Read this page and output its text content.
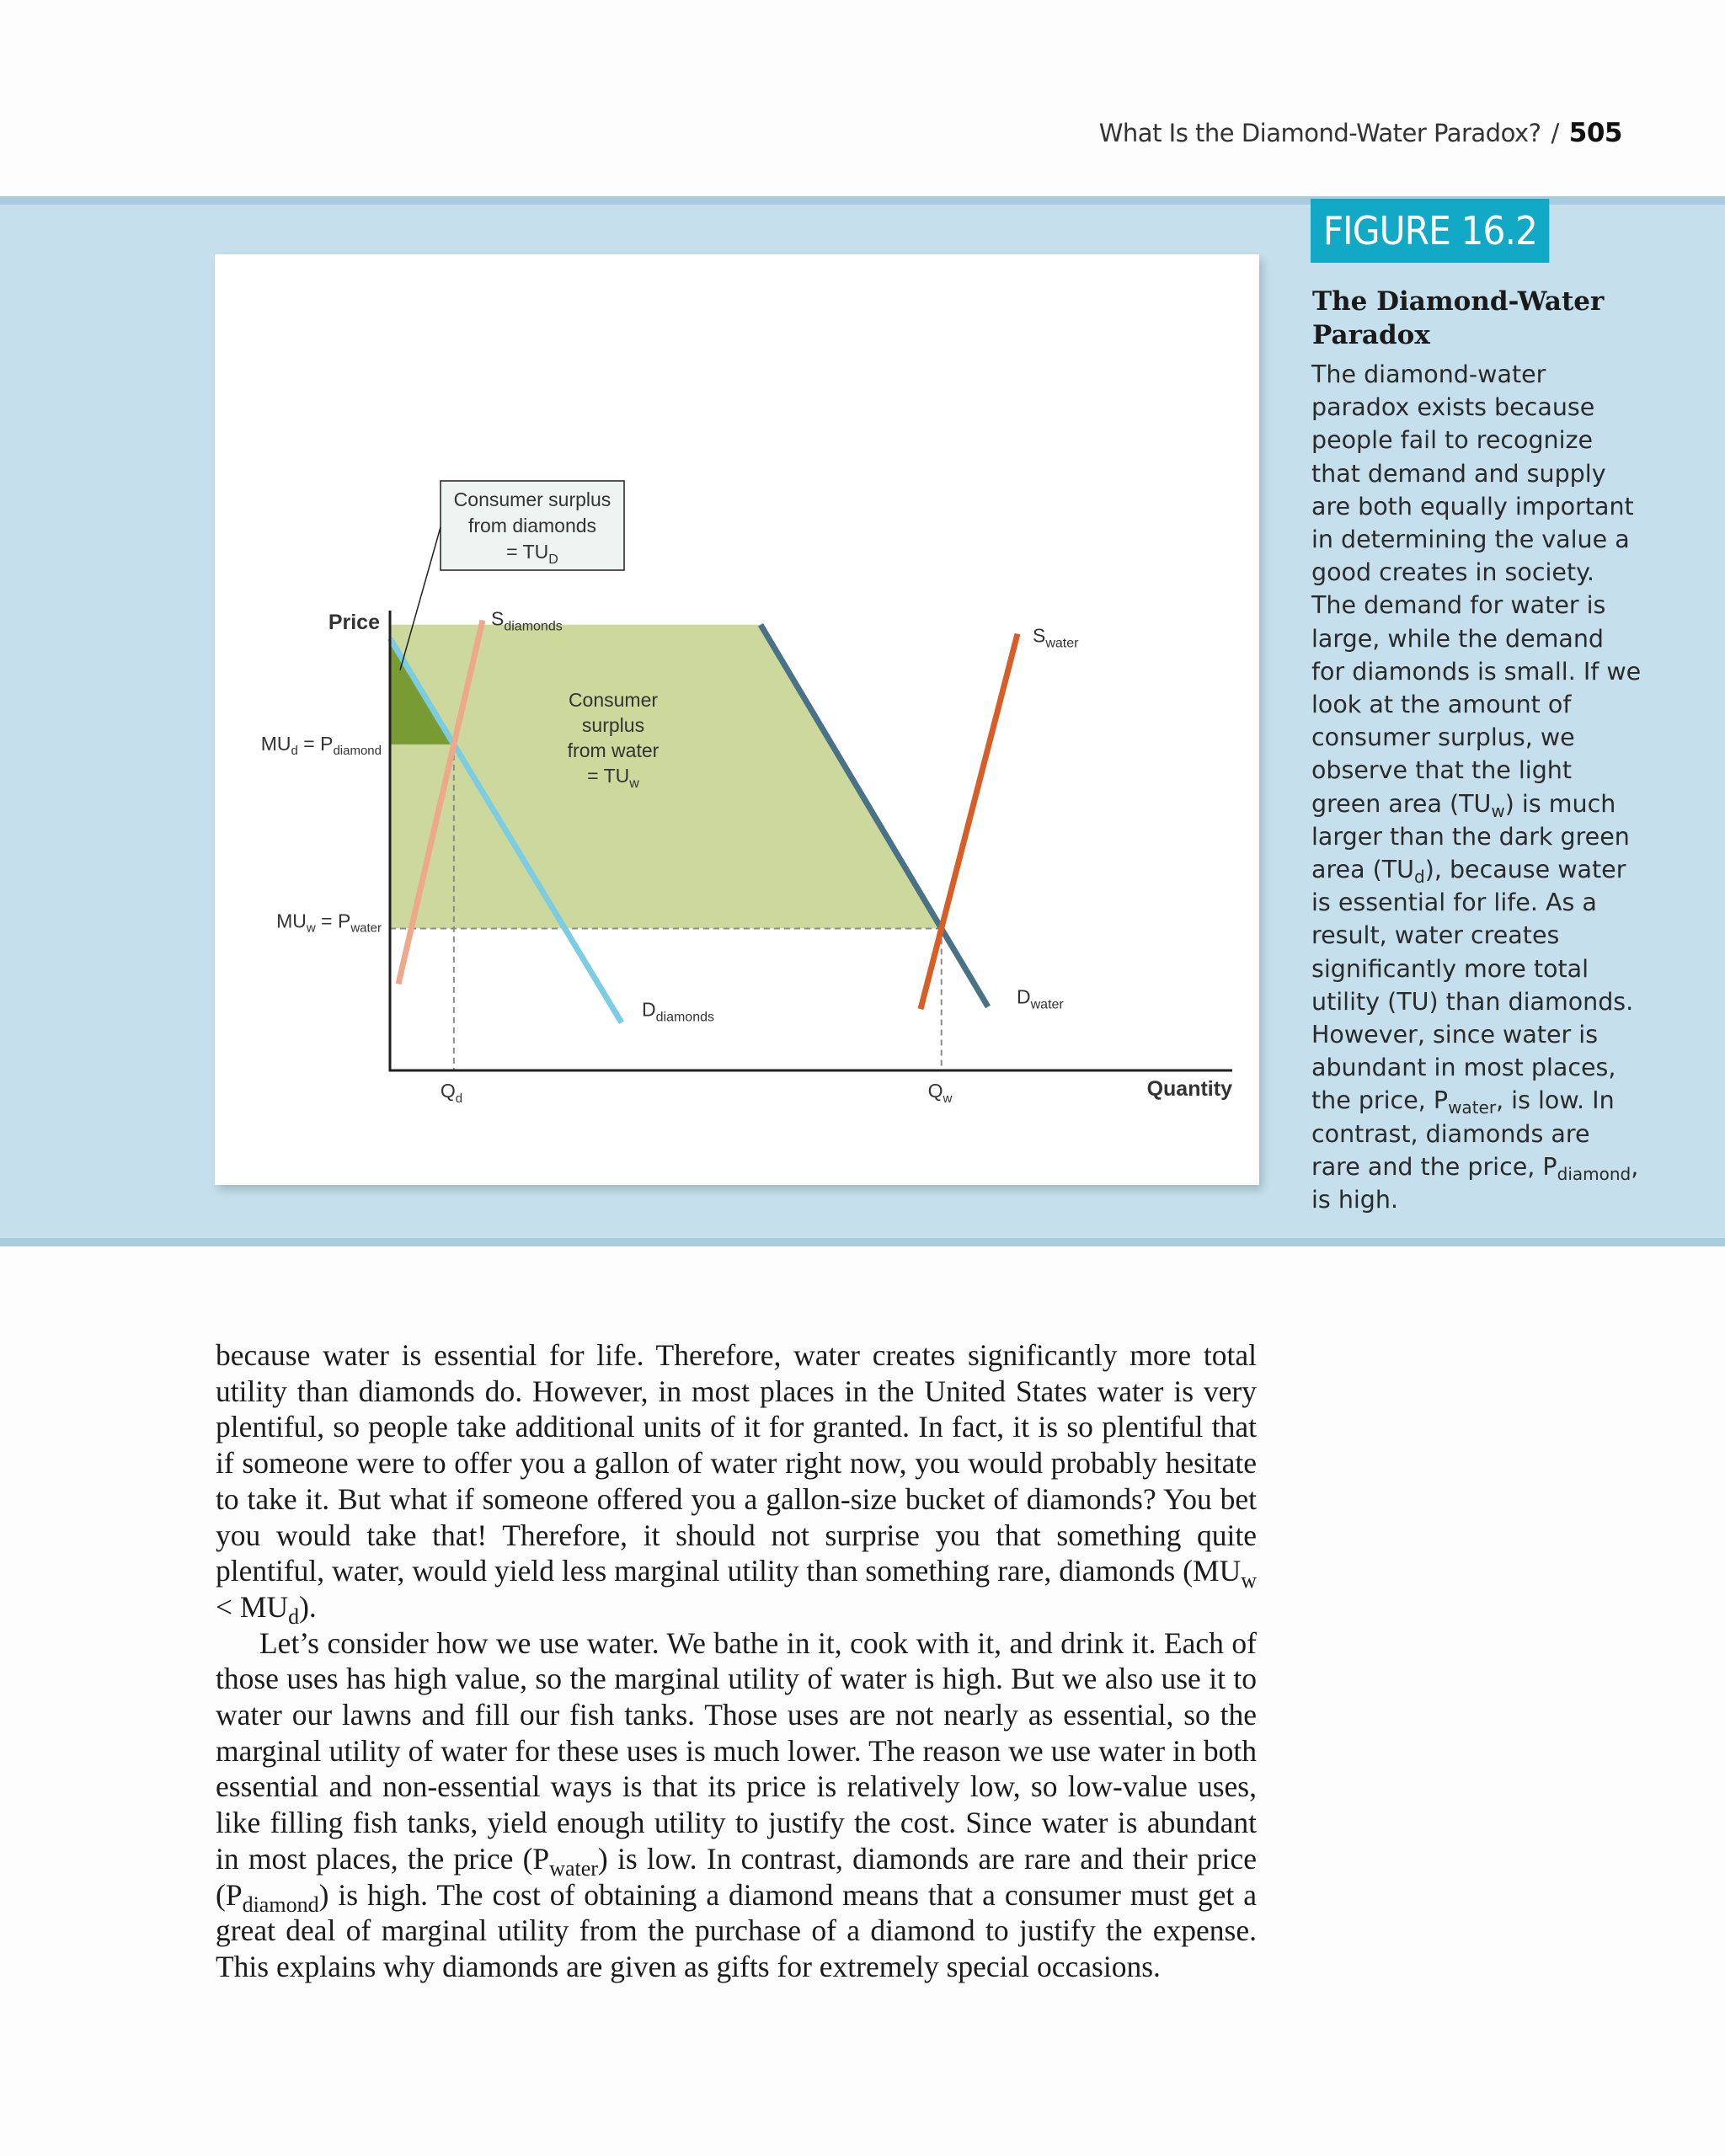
What Is the Diamond-Water Paradox? / 505
Price
Quantity
$Q_d$	$Q_w$
$MU_d = P_{diamond}$
$MU_w = P_{water}$
$D_{diamonds}$
$S_{diamonds}$
$D_{water}$
$S_{water}$
Consumer
surplus
from water
= $TU_w$
Consumer surplus
from diamonds
= $TU_D$
FIGURE 16.2
The Diamond-Water Paradox
The diamond-water paradox exists because people fail to recognize that demand and supply are both equally important in determining the value a good creates in society. The demand for water is large, while the demand for diamonds is small. If we look at the amount of consumer surplus, we observe that the light green area $(TU_w)$ is much larger than the dark green area $(TU_d)$, because water is essential for life. As a result, water creates significantly more total utility (TU) than diamonds. However, since water is abundant in most places, the price, $P_{water}$, is low. In contrast, diamonds are rare and the price, $P_{diamond}$, is high.

because water is essential for life. Therefore, water creates significantly more total utility than diamonds do. However, in most places in the United States water is very plentiful, so people take additional units of it for granted. In fact, it is so plentiful that if someone were to offer you a gallon of water right now, you would probably hesitate to take it. But what if someone offered you a gallon-size bucket of diamonds? You bet you would take that! Therefore, it should not surprise you that something quite plentiful, water, would yield less marginal utility than something rare, diamonds $(MU_w < MU_d)$.

Let’s consider how we use water. We bathe in it, cook with it, and drink it. Each of those uses has high value, so the marginal utility of water is high. But we also use it to water our lawns and fill our fish tanks. Those uses are not nearly as essential, so the marginal utility of water for these uses is much lower. The reason we use water in both essential and non-essential ways is that its price is relatively low, so low-value uses, like filling fish tanks, yield enough utility to justify the cost. Since water is abundant in most places, the price $(P_{water})$ is low. In contrast, diamonds are rare and their price $(P_{diamond})$ is high. The cost of obtaining a diamond means that a consumer must get a great deal of marginal utility from the purchase of a diamond to justify the expense. This explains why diamonds are given as gifts for extremely special occasions.
